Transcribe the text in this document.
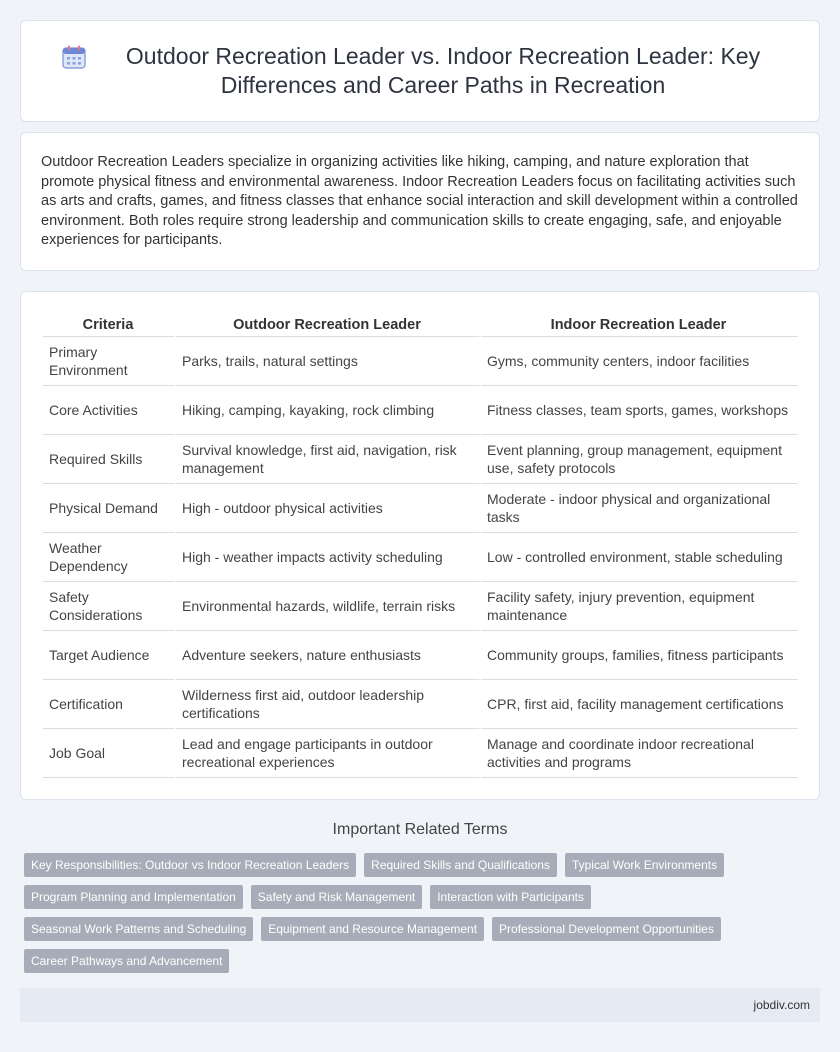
Outdoor Recreation Leader vs. Indoor Recreation Leader: Key Differences and Career Paths in Recreation

Outdoor Recreation Leaders specialize in organizing activities like hiking, camping, and nature exploration that promote physical fitness and environmental awareness. Indoor Recreation Leaders focus on facilitating activities such as arts and crafts, games, and fitness classes that enhance social interaction and skill development within a controlled environment. Both roles require strong leadership and communication skills to create engaging, safe, and enjoyable experiences for participants.

Criteria	Outdoor Recreation Leader	Indoor Recreation Leader
Primary Environment	Parks, trails, natural settings	Gyms, community centers, indoor facilities
Core Activities	Hiking, camping, kayaking, rock climbing	Fitness classes, team sports, games, workshops
Required Skills	Survival knowledge, first aid, navigation, risk management	Event planning, group management, equipment use, safety protocols
Physical Demand	High - outdoor physical activities	Moderate - indoor physical and organizational tasks
Weather Dependency	High - weather impacts activity scheduling	Low - controlled environment, stable scheduling
Safety Considerations	Environmental hazards, wildlife, terrain risks	Facility safety, injury prevention, equipment maintenance
Target Audience	Adventure seekers, nature enthusiasts	Community groups, families, fitness participants
Certification	Wilderness first aid, outdoor leadership certifications	CPR, first aid, facility management certifications
Job Goal	Lead and engage participants in outdoor recreational experiences	Manage and coordinate indoor recreational activities and programs
Important Related Terms
Key Responsibilities: Outdoor vs Indoor Recreation Leaders	Required Skills and Qualifications	Typical Work Environments
Program Planning and Implementation	Safety and Risk Management	Interaction with Participants
Seasonal Work Patterns and Scheduling	Equipment and Resource Management	Professional Development Opportunities
Career Pathways and Advancement
jobdiv.com
